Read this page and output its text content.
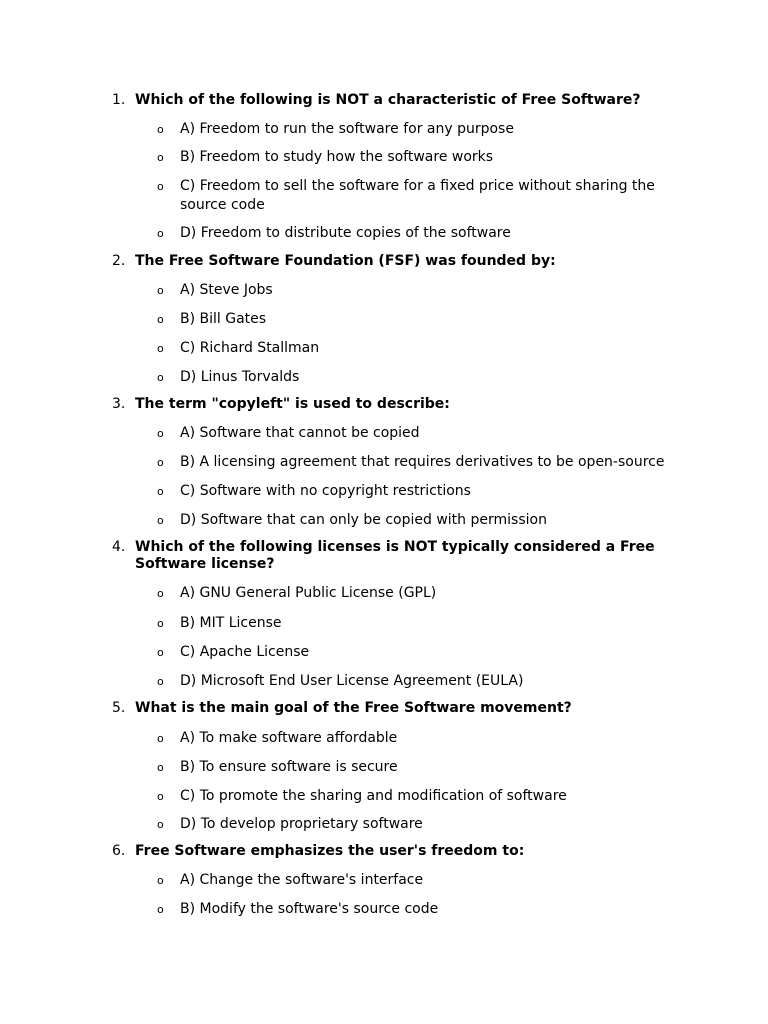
1. Which of the following is NOT a characteristic of Free Software?
o A) Freedom to run the software for any purpose
o B) Freedom to study how the software works
o C) Freedom to sell the software for a fixed price without sharing the source code
o D) Freedom to distribute copies of the software
2. The Free Software Foundation (FSF) was founded by:
o A) Steve Jobs
o B) Bill Gates
o C) Richard Stallman
o D) Linus Torvalds
3. The term "copyleft" is used to describe:
o A) Software that cannot be copied
o B) A licensing agreement that requires derivatives to be open-source
o C) Software with no copyright restrictions
o D) Software that can only be copied with permission
4. Which of the following licenses is NOT typically considered a Free Software license?
o A) GNU General Public License (GPL)
o B) MIT License
o C) Apache License
o D) Microsoft End User License Agreement (EULA)
5. What is the main goal of the Free Software movement?
o A) To make software affordable
o B) To ensure software is secure
o C) To promote the sharing and modification of software
o D) To develop proprietary software
6. Free Software emphasizes the user's freedom to:
o A) Change the software's interface
o B) Modify the software's source code
